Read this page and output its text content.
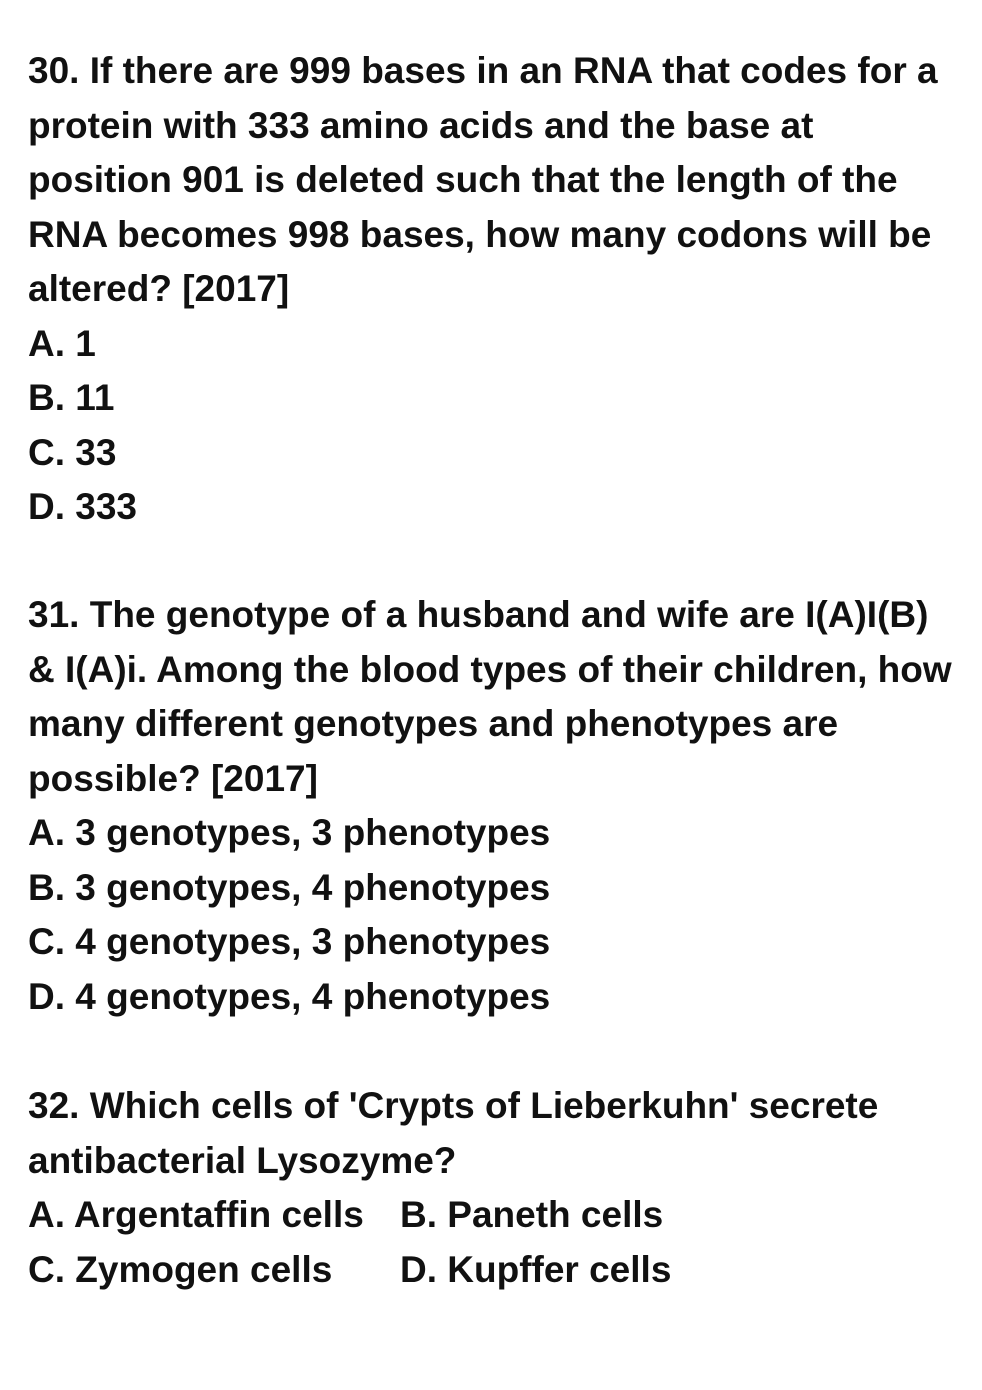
30. If there are 999 bases in an RNA that codes for a protein with 333 amino acids and the base at position 901 is deleted such that the length of the RNA becomes 998 bases, how many codons will be altered? [2017]

A. 1

B. 11

C. 33

D. 333

31. The genotype of a husband and wife are I(A)I(B) & I(A)i. Among the blood types of their children, how many different genotypes and phenotypes are possible? [2017]

A. 3 genotypes, 3 phenotypes

B. 3 genotypes, 4 phenotypes

C. 4 genotypes, 3 phenotypes

D. 4 genotypes, 4 phenotypes

32. Which cells of 'Crypts of Lieberkuhn' secrete antibacterial Lysozyme?

A. Argentaffin cells B. Paneth cells
C. Zymogen cells	D. Kupffer cells
